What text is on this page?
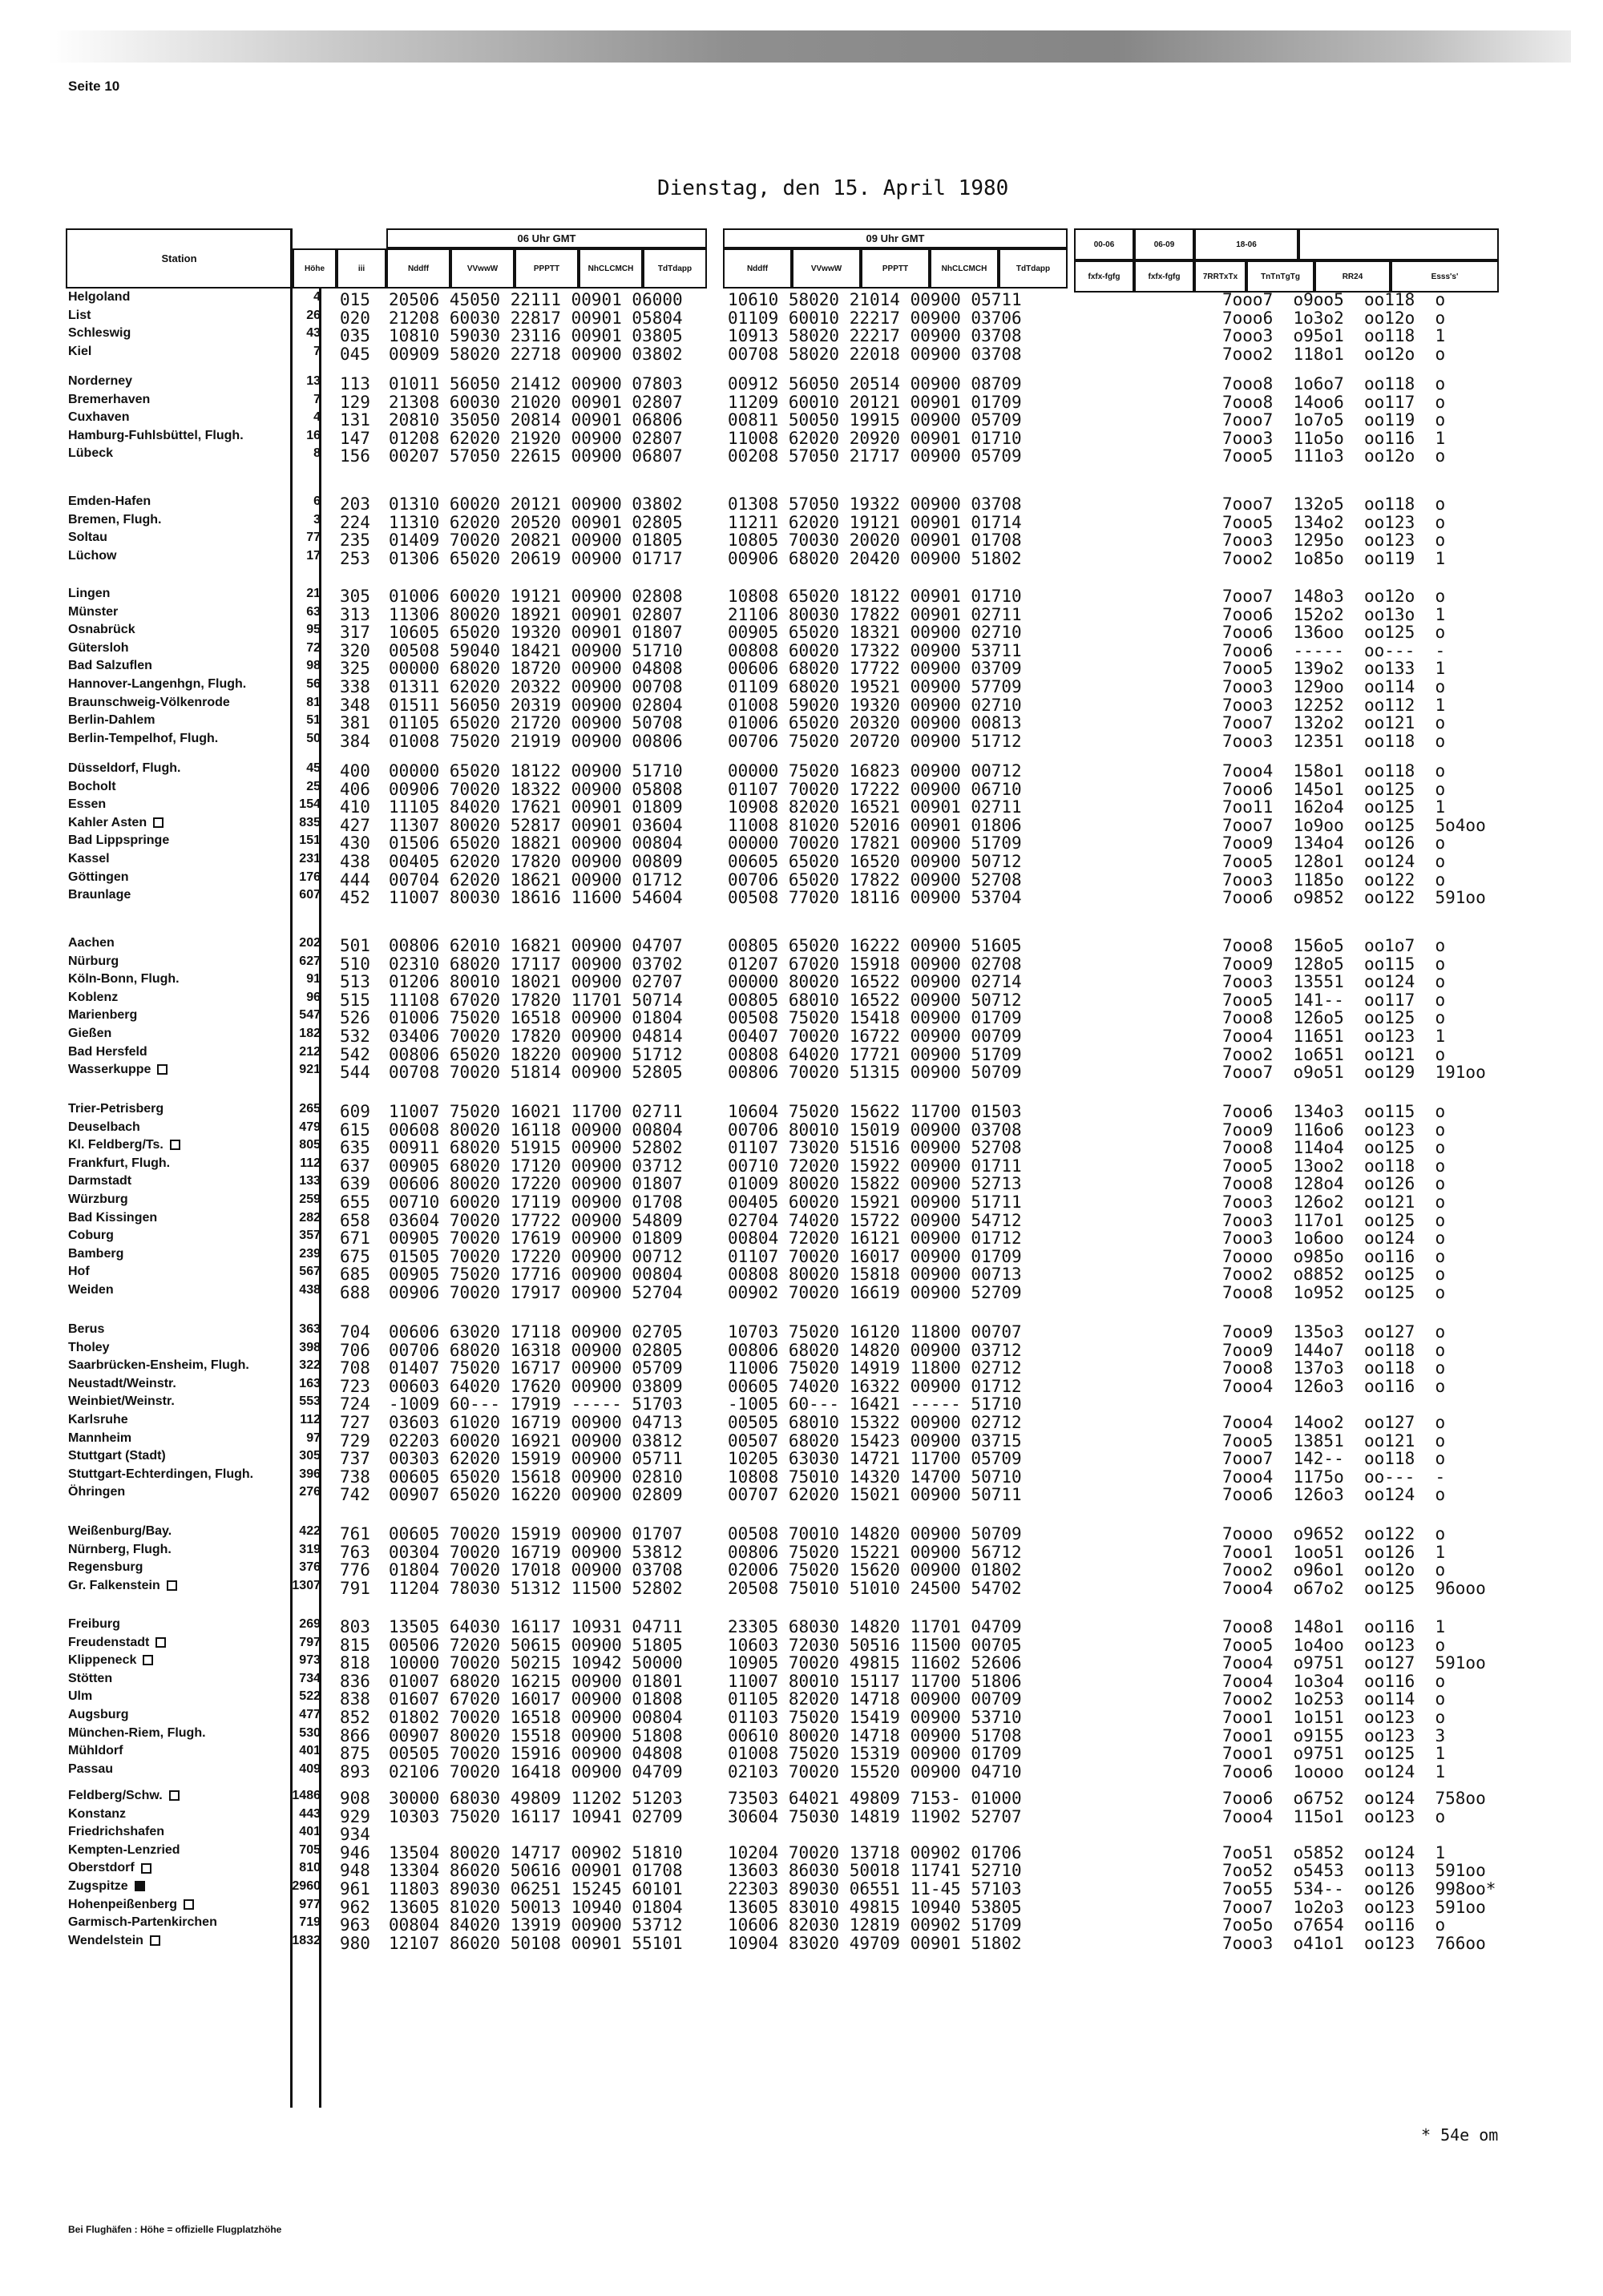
Seite 10
Dienstag, den 15. April 1980
Station
Höhe	iii
06 Uhr GMT	09 Uhr GMT
Nddff	VVwwW	PPPTT	NhCLCMCH	TdTdapp	Nddff	VVwwW	PPPTT	NhCLCMCH	TdTdapp
00-06	06-09	18-06
fxfx-fgfg	fxfx-fgfg	7RRTxTx	TnTnTgTg	RR24	Esss's'
Helgoland	4 015 20506 45050 22111 00901 06000	10610 58020 21014 00900 05711	7ooo7  o9oo5  oo118  o
List	26 020 21208 60030 22817 00901 05804	01109 60010 22217 00900 03706	7ooo6  1o3o2  oo12o  o
Schleswig	43 035 10810 59030 23116 00901 03805	10913 58020 22217 00900 03708	7ooo3  o95o1  oo118  1
Kiel	7 045 00909 58020 22718 00900 03802	00708 58020 22018 00900 03708	7ooo2  118o1  oo12o  o
Norderney	13 113 01011 56050 21412 00900 07803	00912 56050 20514 00900 08709	7ooo8  1o6o7  oo118  o
Bremerhaven	7 129 21308 60030 21020 00901 02807	11209 60010 20121 00901 01709	7ooo8  14oo6  oo117  o
Cuxhaven	4 131 20810 35050 20814 00901 06806	00811 50050 19915 00900 05709	7ooo7  1o7o5  oo119  o
Hamburg-Fuhlsbüttel, Flugh.	16 147 01208 62020 21920 00900 02807	11008 62020 20920 00901 01710	7ooo3  11o5o  oo116  1
Lübeck	8 156 00207 57050 22615 00900 06807	00208 57050 21717 00900 05709	7ooo5  111o3  oo12o  o
Emden-Hafen	6 203 01310 60020 20121 00900 03802	01308 57050 19322 00900 03708	7ooo7  132o5  oo118  o
Bremen, Flugh.	3 224 11310 62020 20520 00901 02805	11211 62020 19121 00901 01714	7ooo5  134o2  oo123  o
Soltau	77 235 01409 70020 20821 00900 01805	10805 70030 20020 00901 01708	7ooo3  1295o  oo123  o
Lüchow	17 253 01306 65020 20619 00900 01717	00906 68020 20420 00900 51802	7ooo2  1o85o  oo119  1
Lingen	21 305 01006 60020 19121 00900 02808	10808 65020 18122 00901 01710	7ooo7  148o3  oo12o  o
Münster	63 313 11306 80020 18921 00901 02807	21106 80030 17822 00901 02711	7ooo6  152o2  oo13o  1
Osnabrück	95 317 10605 65020 19320 00901 01807	00905 65020 18321 00900 02710	7ooo6  136oo  oo125  o
Gütersloh	72 320 00508 59040 18421 00900 51710	00808 60020 17322 00900 53711	7ooo6  -----  oo---  -
Bad Salzuflen	98 325 00000 68020 18720 00900 04808	00606 68020 17722 00900 03709	7ooo5  139o2  oo133  1
Hannover-Langenhgn, Flugh.	56 338 01311 62020 20322 00900 00708	01109 68020 19521 00900 57709	7ooo3  129oo  oo114  o
Braunschweig-Völkenrode	81 348 01511 56050 20319 00900 02804	01008 59020 19320 00900 02710	7ooo3  12252  oo112  1
Berlin-Dahlem	51 381 01105 65020 21720 00900 50708	01006 65020 20320 00900 00813	7ooo7  132o2  oo121  o
Berlin-Tempelhof, Flugh.	50 384 01008 75020 21919 00900 00806	00706 75020 20720 00900 51712	7ooo3  12351  oo118  o
Düsseldorf, Flugh.	45 400 00000 65020 18122 00900 51710	00000 75020 16823 00900 00712	7ooo4  158o1  oo118  o
Bocholt	25 406 00906 70020 18322 00900 05808	01107 70020 17222 00900 06710	7ooo6  145o1  oo125  o
Essen	154 410 11105 84020 17621 00901 01809	10908 82020 16521 00901 02711	7oo11  162o4  oo125  1
Kahler Asten	835 427 11307 80020 52817 00901 03604	11008 81020 52016 00901 01806	7ooo7  1o9oo  oo125  5o4oo
Bad Lippspringe	151 430 01506 65020 18821 00900 00804	00000 70020 17821 00900 51709	7ooo9  134o4  oo126  o
Kassel	231 438 00405 62020 17820 00900 00809	00605 65020 16520 00900 50712	7ooo5  128o1  oo124  o
Göttingen	176 444 00704 62020 18621 00900 01712	00706 65020 17822 00900 52708	7ooo3  1185o  oo122  o
Braunlage	607 452 11007 80030 18616 11600 54604	00508 77020 18116 00900 53704	7ooo6  o9852  oo122  591oo
Aachen	202 501 00806 62010 16821 00900 04707	00805 65020 16222 00900 51605	7ooo8  156o5  oo1o7  o
Nürburg	627 510 02310 68020 17117 00900 03702	01207 67020 15918 00900 02708	7ooo9  128o5  oo115  o
Köln-Bonn, Flugh.	91 513 01206 80010 18021 00900 02707	00000 80020 16522 00900 02714	7ooo3  13551  oo124  o
Koblenz	96 515 11108 67020 17820 11701 50714	00805 68010 16522 00900 50712	7ooo5  141--  oo117  o
Marienberg	547 526 01006 75020 16518 00900 01804	00508 75020 15418 00900 01709	7ooo8  126o5  oo125  o
Gießen	182 532 03406 70020 17820 00900 04814	00407 70020 16722 00900 00709	7ooo4  11651  oo123  1
Bad Hersfeld	212 542 00806 65020 18220 00900 51712	00808 64020 17721 00900 51709	7ooo2  1o651  oo121  o
Wasserkuppe	921 544 00708 70020 51814 00900 52805	00806 70020 51315 00900 50709	7ooo7  o9o51  oo129  191oo
Trier-Petrisberg	265 609 11007 75020 16021 11700 02711	10604 75020 15622 11700 01503	7ooo6  134o3  oo115  o
Deuselbach	479 615 00608 80020 16118 00900 00804	00706 80010 15019 00900 03708	7ooo9  116o6  oo123  o
Kl. Feldberg/Ts.	805 635 00911 68020 51915 00900 52802	01107 73020 51516 00900 52708	7ooo8  114o4  oo125  o
Frankfurt, Flugh.	112 637 00905 68020 17120 00900 03712	00710 72020 15922 00900 01711	7ooo5  13oo2  oo118  o
Darmstadt	133 639 00606 80020 17220 00900 01807	01009 80020 15822 00900 52713	7ooo8  128o4  oo126  o
Würzburg	259 655 00710 60020 17119 00900 01708	00405 60020 15921 00900 51711	7ooo3  126o2  oo121  o
Bad Kissingen	282 658 03604 70020 17722 00900 54809	02704 74020 15722 00900 54712	7ooo3  117o1  oo125  o
Coburg	357 671 00905 70020 17619 00900 01809	00804 72020 16121 00900 01712	7ooo3  1o6oo  oo124  o
Bamberg	239 675 01505 70020 17220 00900 00712	01107 70020 16017 00900 01709	7oooo  o985o  oo116  o
Hof	567 685 00905 75020 17716 00900 00804	00808 80020 15818 00900 00713	7ooo2  o8852  oo125  o
Weiden	438 688 00906 70020 17917 00900 52704	00902 70020 16619 00900 52709	7ooo8  1o952  oo125  o
Berus	363 704 00606 63020 17118 00900 02705	10703 75020 16120 11800 00707	7ooo9  135o3  oo127  o
Tholey	398 706 00706 68020 16318 00900 02805	00806 68020 14820 00900 03712	7ooo9  144o7  oo118  o
Saarbrücken-Ensheim, Flugh.	322 708 01407 75020 16717 00900 05709	11006 75020 14919 11800 02712	7ooo8  137o3  oo118  o
Neustadt/Weinstr.	163 723 00603 64020 17620 00900 03809	00605 74020 16322 00900 01712	7ooo4  126o3  oo116  o
Weinbiet/Weinstr.	553 724 -1009 60--- 17919 ----- 51703	-1005 60--- 16421 ----- 51710
Karlsruhe	112 727 03603 61020 16719 00900 04713	00505 68010 15322 00900 02712	7ooo4  14oo2  oo127  o
Mannheim	97 729 02203 60020 16921 00900 03812	00507 68020 15423 00900 03715	7ooo5  13851  oo121  o
Stuttgart (Stadt)	305 737 00303 62020 15919 00900 05711	10205 63030 14721 11700 05709	7ooo7  142--  oo118  o
Stuttgart-Echterdingen, Flugh.	396 738 00605 65020 15618 00900 02810	10808 75010 14320 14700 50710	7ooo4  1175o  oo---  -
Öhringen	276 742 00907 65020 16220 00900 02809	00707 62020 15021 00900 50711	7ooo6  126o3  oo124  o
Weißenburg/Bay.	422 761 00605 70020 15919 00900 01707	00508 70010 14820 00900 50709	7oooo  o9652  oo122  o
Nürnberg, Flugh.	319 763 00304 70020 16719 00900 53812	00806 75020 15221 00900 56712	7ooo1  1oo51  oo126  1
Regensburg	376 776 01804 70020 17018 00900 03708	02006 75020 15620 00900 01802	7ooo2  o96o1  oo12o  o
Gr. Falkenstein	1307 791 11204 78030 51312 11500 52802	20508 75010 51010 24500 54702	7ooo4  o67o2  oo125  96ooo
Freiburg	269 803 13505 64030 16117 10931 04711	23305 68030 14820 11701 04709	7ooo8  148o1  oo116  1
Freudenstadt	797 815 00506 72020 50615 00900 51805	10603 72030 50516 11500 00705	7ooo5  1o4oo  oo123  o
Klippeneck	973 818 10000 70020 50215 10942 50000	10905 70020 49815 11602 52606	7ooo4  o9751  oo127  591oo
Stötten	734 836 01007 68020 16215 00900 01801	11007 80010 15117 11700 51806	7ooo4  1o3o4  oo116  o
Ulm	522 838 01607 67020 16017 00900 01808	01105 82020 14718 00900 00709	7ooo2  1o253  oo114  o
Augsburg	477 852 01802 70020 16518 00900 00804	01103 75020 15419 00900 53710	7ooo1  1o151  oo123  o
München-Riem, Flugh.	530 866 00907 80020 15518 00900 51808	00610 80020 14718 00900 51708	7ooo1  o9155  oo123  3
Mühldorf	401 875 00505 70020 15916 00900 04808	01008 75020 15319 00900 01709	7ooo1  o9751  oo125  1
Passau	409 893 02106 70020 16418 00900 04709	02103 70020 15520 00900 04710	7ooo6  1oooo  oo124  1
Feldberg/Schw.	1486 908 30000 68030 49809 11202 51203	73503 64021 49809 7153- 01000	7ooo6  o6752  oo124  758oo
Konstanz	443 929 10303 75020 16117 10941 02709	30604 75030 14819 11902 52707	7ooo4  115o1  oo123  o
Friedrichshafen	401 934
Kempten-Lenzried	705 946 13504 80020 14717 00902 51810	10204 70020 13718 00902 01706	7oo51  o5852  oo124  1
Oberstdorf	810 948 13304 86020 50616 00901 01708	13603 86030 50018 11741 52710	7oo52  o5453  oo113  591oo
Zugspitze	2960 961 11803 89030 06251 15245 60101	22303 89030 06551 11-45 57103	7oo55  534--  oo126  998oo*
Hohenpeißenberg	977 962 13605 81020 50013 10940 01804	13605 83010 49815 10940 53805	7ooo7  1o2o3  oo123  591oo
Garmisch-Partenkirchen	719 963 00804 84020 13919 00900 53712	10606 82030 12819 00902 51709	7oo5o  o7654  oo116  o
Wendelstein	1832 980 12107 86020 50108 00901 55101	10904 83020 49709 00901 51802	7ooo3  o41o1  oo123  766oo
* 54e om
Bei Flughäfen : Höhe = offizielle Flugplatzhöhe
